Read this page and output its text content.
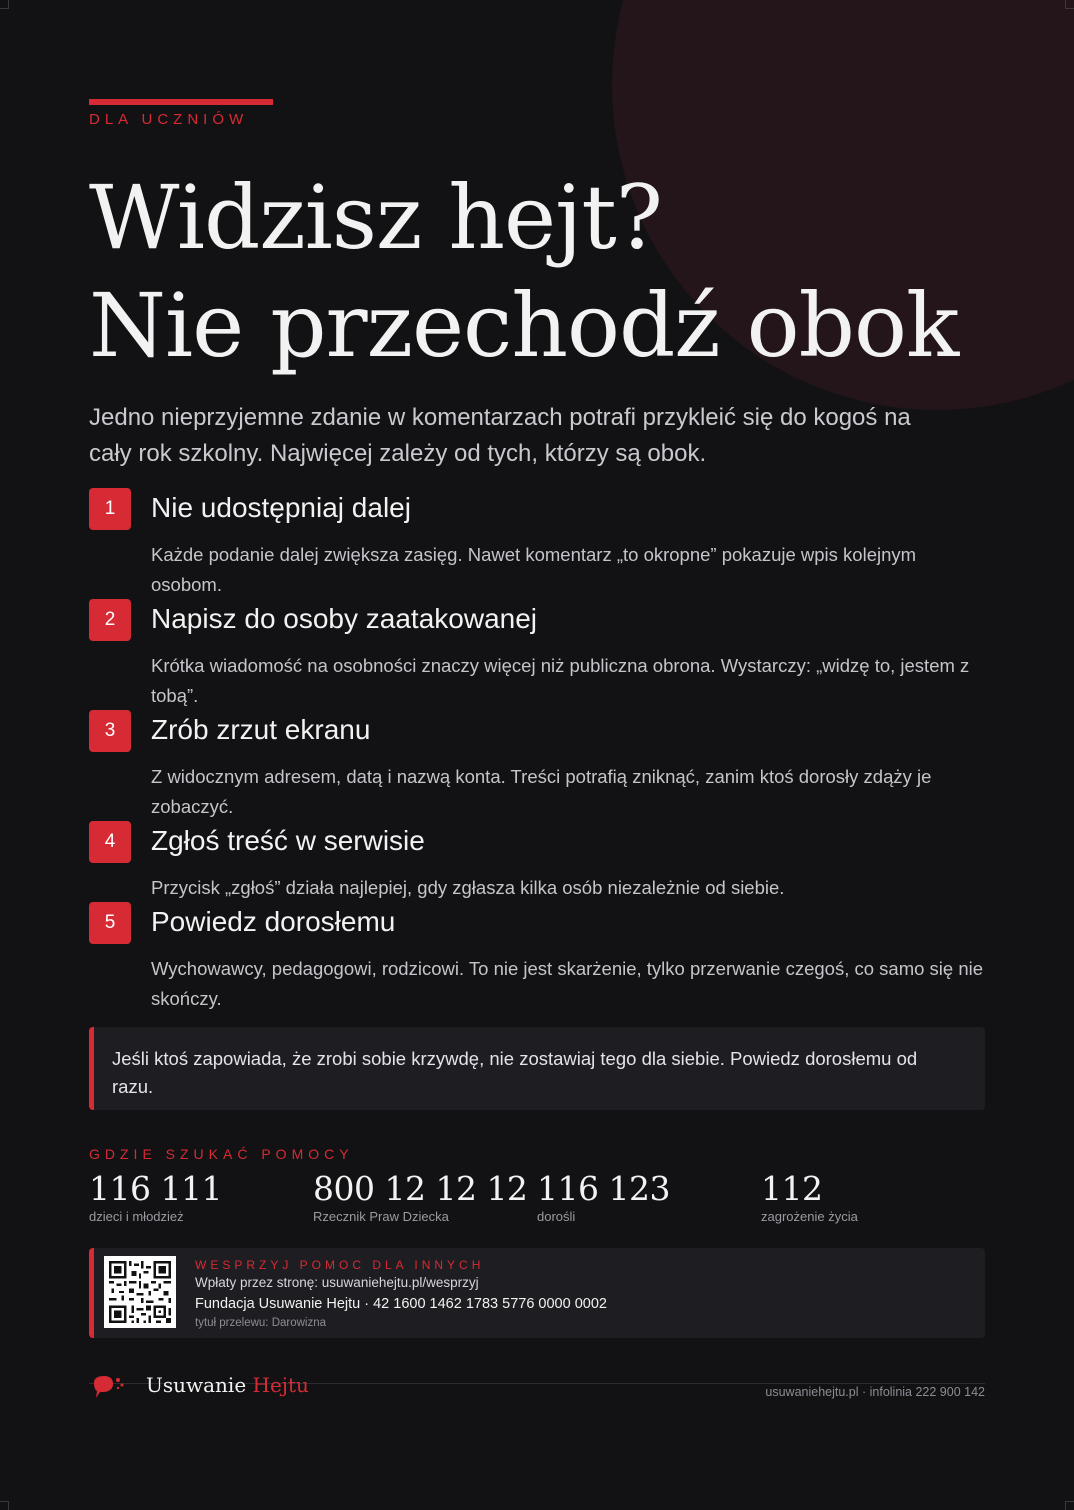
DLA UCZNIÓW
Widzisz hejt?
Nie przechodź obok

Jedno nieprzyjemne zdanie w komentarzach potrafi przykleić się do kogoś na cały rok szkolny. Najwięcej zależy od tych, którzy są obok.

1	Nie udostępniaj dalej

Każde podanie dalej zwiększa zasięg. Nawet komentarz „to okropne” pokazuje wpis kolejnym osobom.

2	Napisz do osoby zaatakowanej

Krótka wiadomość na osobności znaczy więcej niż publiczna obrona. Wystarczy: „widzę to, jestem z tobą”.

3	Zrób zrzut ekranu

Z widocznym adresem, datą i nazwą konta. Treści potrafią zniknąć, zanim ktoś dorosły zdąży je zobaczyć.

4	Zgłoś treść w serwisie

Przycisk „zgłoś” działa najlepiej, gdy zgłasza kilka osób niezależnie od siebie.

5	Powiedz dorosłemu

Wychowawcy, pedagogowi, rodzicowi. To nie jest skarżenie, tylko przerwanie czegoś, co samo się nie skończy.

Jeśli ktoś zapowiada, że zrobi sobie krzywdę, nie zostawiaj tego dla siebie. Powiedz dorosłemu od razu.
GDZIE SZUKAĆ POMOCY
116 111
dzieci i młodzież
800 12 12 12
Rzecznik Praw Dziecka
116 123
dorośli
112
zagrożenie życia
WESPRZYJ POMOC DLA INNYCH
Wpłaty przez stronę: usuwaniehejtu.pl/wesprzyj
Fundacja Usuwanie Hejtu · 42 1600 1462 1783 5776 0000 0002
tytuł przelewu: Darowizna
Usuwanie Hejtu	usuwaniehejtu.pl · infolinia 222 900 142
